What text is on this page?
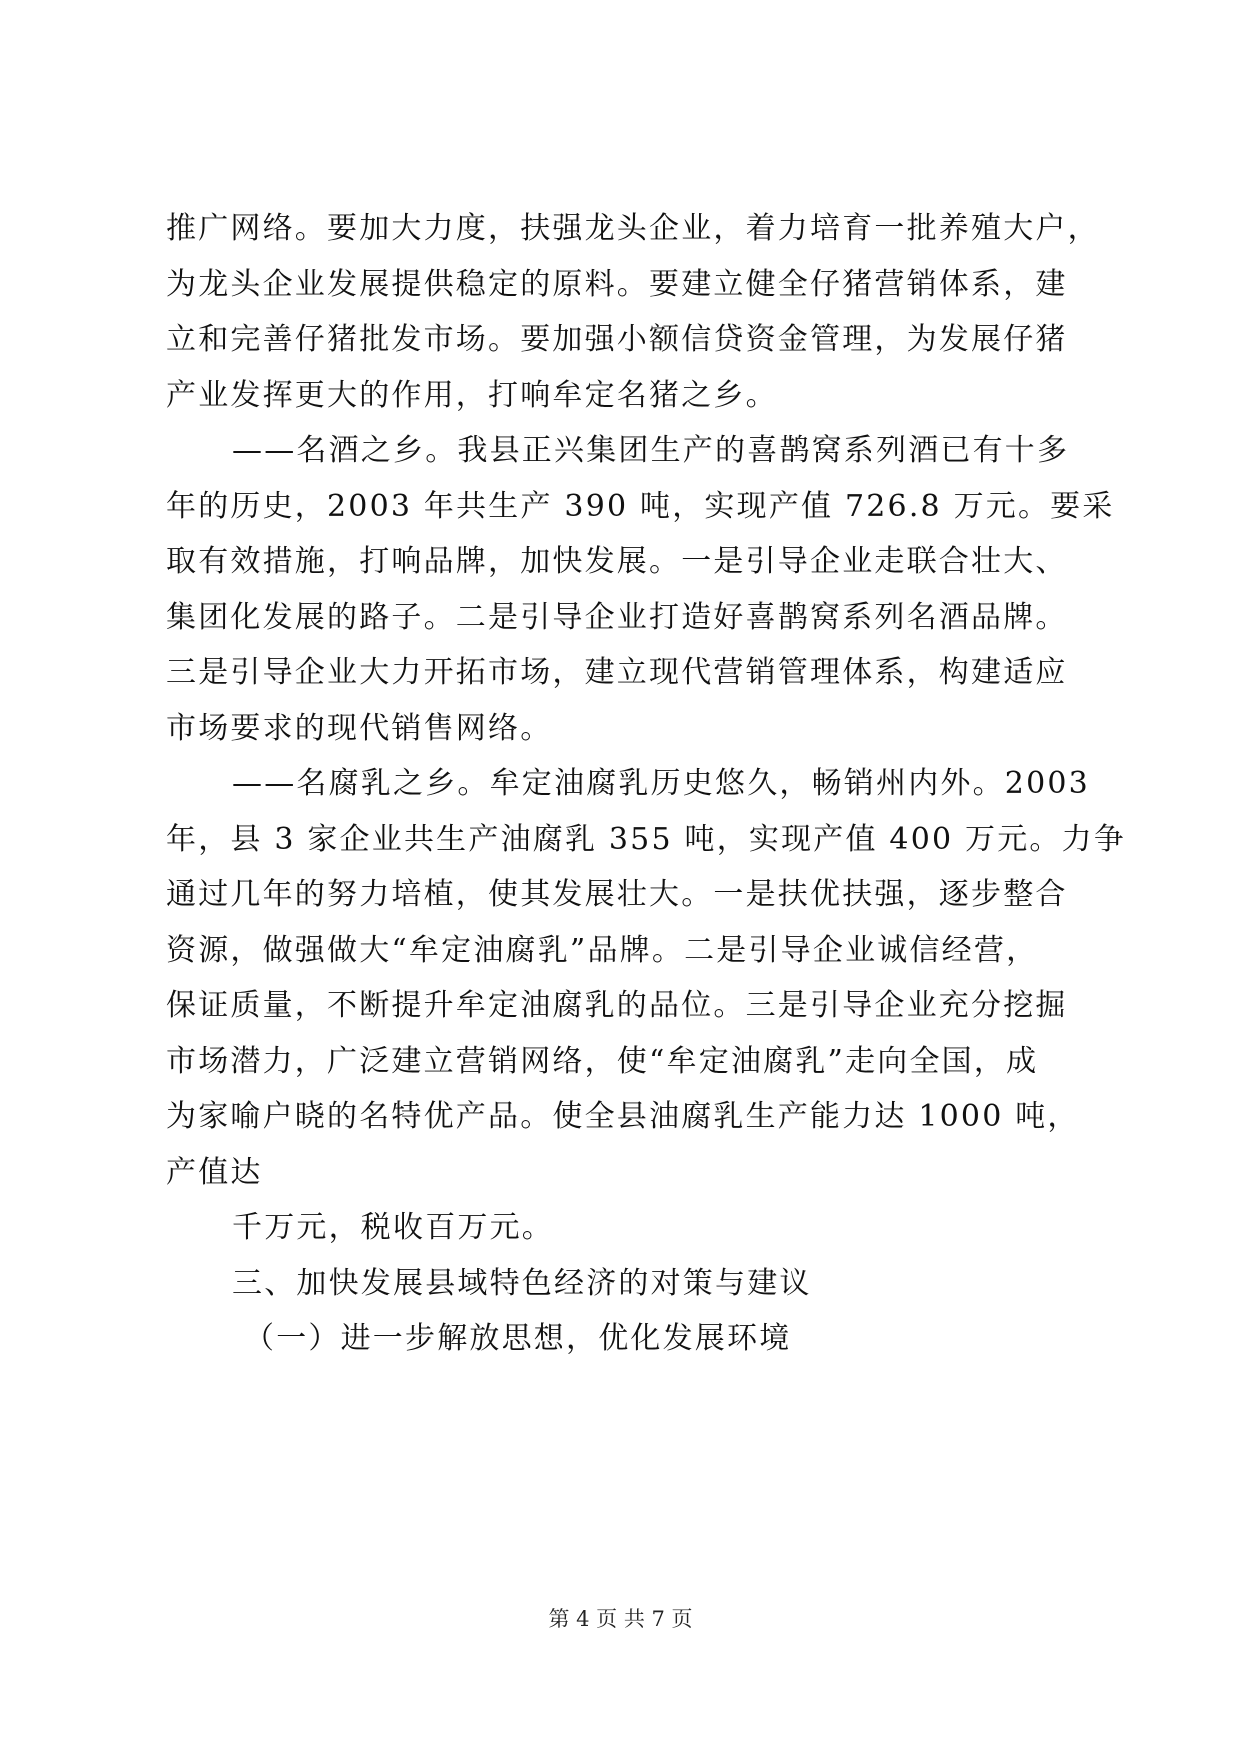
推广网络。要加大力度，扶强龙头企业，着力培育一批养殖大户，
为龙头企业发展提供稳定的原料。要建立健全仔猪营销体系，建
立和完善仔猪批发市场。要加强小额信贷资金管理，为发展仔猪
产业发挥更大的作用，打响牟定名猪之乡。
——名酒之乡。我县正兴集团生产的喜鹊窝系列酒已有十多
年的历史，2003 年共生产 390 吨，实现产值 726.8 万元。要采
取有效措施，打响品牌，加快发展。一是引导企业走联合壮大、
集团化发展的路子。二是引导企业打造好喜鹊窝系列名酒品牌。
三是引导企业大力开拓市场，建立现代营销管理体系，构建适应
市场要求的现代销售网络。
——名腐乳之乡。牟定油腐乳历史悠久，畅销州内外。2003
年，县 3 家企业共生产油腐乳 355 吨，实现产值 400 万元。力争
通过几年的努力培植，使其发展壮大。一是扶优扶强，逐步整合
资源，做强做大“牟定油腐乳”品牌。二是引导企业诚信经营，
保证质量，不断提升牟定油腐乳的品位。三是引导企业充分挖掘
市场潜力，广泛建立营销网络，使“牟定油腐乳”走向全国，成
为家喻户晓的名特优产品。使全县油腐乳生产能力达 1000 吨，
产值达
千万元，税收百万元。
三、加快发展县域特色经济的对策与建议
（一）进一步解放思想，优化发展环境
第 4 页 共 7 页
